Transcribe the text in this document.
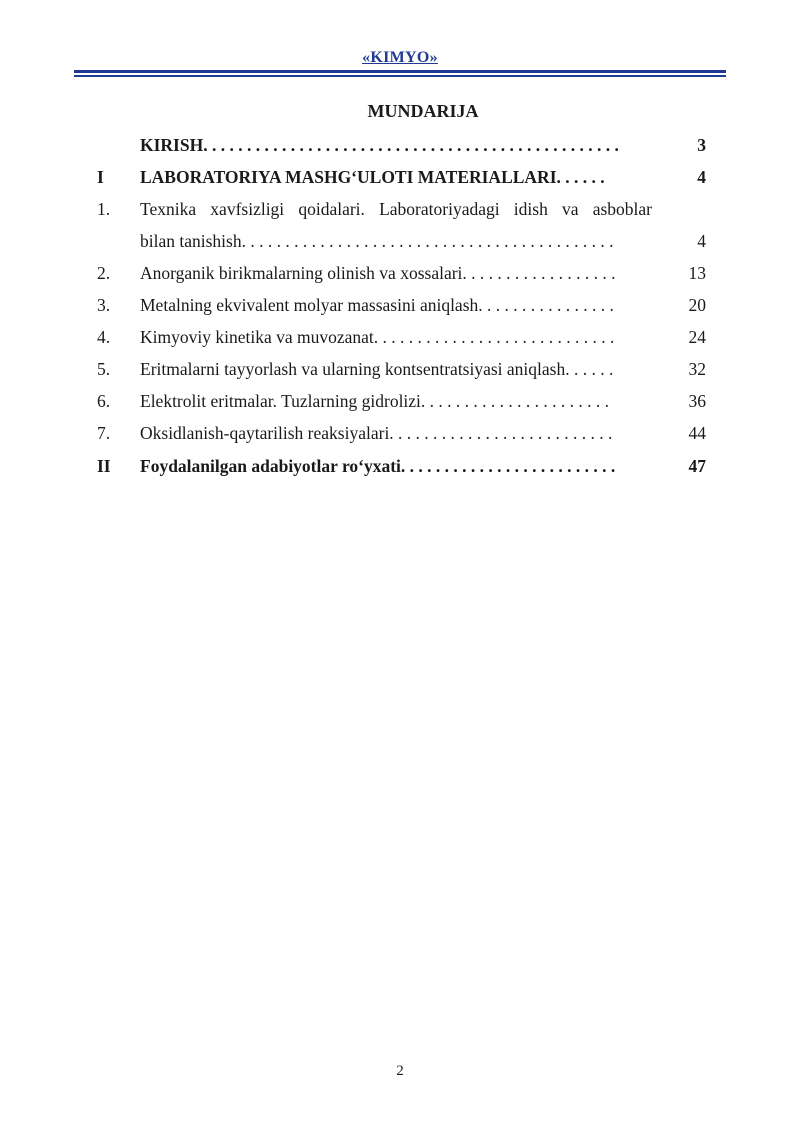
«KIMYO»
MUNDARIJA
KIRISH. . . . . . . . . . . . . . . . . . . . . . . . . . . . . . . . . . . . . . . . . . . . . . . .	3
I LABORATORIYA MASHG‘ULOTI MATERIALLARI. . . . . .	4
1. Texnika xavfsizligi qoidalari. Laboratoriyadagi idish va asboblar
bilan tanishish. . . . . . . . . . . . . . . . . . . . . . . . . . . . . . . . . . . . . . . . . . .	4
2. Anorganik birikmalarning olinish va xossalari. . . . . . . . . . . . . . . . . .	13
3. Metalning ekvivalent molyar massasini aniqlash. . . . . . . . . . . . . . . .	20
4. Kimyoviy kinetika va muvozanat. . . . . . . . . . . . . . . . . . . . . . . . . . . .	24
5. Eritmalarni tayyorlash va ularning kontsentratsiyasi aniqlash. . . . . .	32
6. Elektrolit eritmalar. Tuzlarning gidrolizi. . . . . . . . . . . . . . . . . . . . . .	36
7. Oksidlanish-qaytarilish reaksiyalari. . . . . . . . . . . . . . . . . . . . . . . . . .	44
II Foydalanilgan adabiyotlar ro‘yxati. . . . . . . . . . . . . . . . . . . . . . . . .	47
2
